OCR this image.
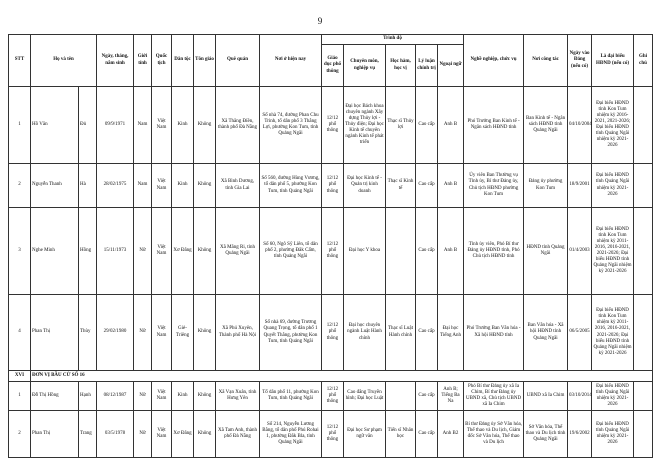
9
STT	Họ và tên		Ngày, tháng, năm sinh	Giới tính	Quốc tịch	Dân tộc	Tôn giáo	Quê quán	Nơi ở hiện nay	Trình độ					Nghề nghiệp, chức vụ	Nơi công tác	Ngày vào Đảng (nếu có)	Là đại biểu HĐND (nếu có)	Ghi chú
										Giáo dục phổ thông	Chuyên môn, nghiệp vụ	Học hàm, học vị	Lý luận chính trị	Ngoại ngữ					
1	Hồ Văn	Đủ	09/9/1971	Nam	Việt Nam	Kinh	Không	Xã Thăng Điền, thành phố Đà Nẵng	Số nhà 74, đường Phan Chu Trinh, tổ dân phố 3 Thắng Lợi, phường Kon Tum, tỉnh Quảng Ngãi	12/12 phổ thông	Đại học Bách khoa chuyên ngành Xây dựng Thủy lợi - Thủy điện; Đại học Kinh tế chuyên ngành Kinh tế phát triển	Thạc sĩ Thủy lợi	Cao cấp	Anh B	Phó Trưởng Ban Kinh tế - Ngân sách HĐND tỉnh	Ban Kinh tế - Ngân sách HĐND tỉnh Quảng Ngãi	04/10/2004	Đại biểu HĐND tỉnh Kon Tum nhiệm kỳ 2016-2021, 2021-2026; Đại biểu HĐND tỉnh Quảng Ngãi nhiệm kỳ 2021-2026	
2	Nguyễn Thanh	Hà	28/02/1975	Nam	Việt Nam	Kinh	Không	Xã Bình Dương, tỉnh Gia Lai	Số 560, đường Hùng Vương, tổ dân phố 5, phường Kon Tum, tỉnh Quảng Ngãi	12/12 phổ thông	Đại học Kinh tế - Quản trị kinh doanh	Thạc sĩ Kinh tế	Cao cấp	Anh B	Ủy viên Ban Thường vụ Tỉnh ủy, Bí thư Đảng ủy, Chủ tịch HĐND phường Kon Tum	Đảng ủy phường Kon Tum	18/9/2001	Đại biểu HĐND tỉnh Quảng Ngãi nhiệm kỳ 2021-2026	
3	Nghe Minh	Hồng	15/11/1973	Nữ	Việt Nam	Xơ Đăng	Không	Xã Măng Ri, tỉnh Quảng Ngãi	Số 60, Ngô Sỹ Liên, tổ dân phố 2, phường Đăk Cấm, tỉnh Quảng Ngãi	12/12 phổ thông	Đại học Y khoa		Cao cấp	Anh B	Tỉnh ủy viên, Phó Bí thư Đảng ủy HĐND tỉnh, Phó Chủ tịch HĐND tỉnh	HĐND tỉnh Quảng Ngãi	01/4/2003	Đại biểu HĐND tỉnh Kon Tum nhiệm kỳ 2011-2016, 2016-2021, 2021-2026; Đại biểu HĐND tỉnh Quảng Ngãi nhiệm kỳ 2021-2026	
4	Phan Thị	Thùy	29/02/1980	Nữ	Việt Nam	Giẻ-Triêng	Không	Xã Phú Xuyên, Thành phố Hà Nội	Số nhà 69, đường Trương Quang Trọng, tổ dân phố 1 Quyết Thắng, phường Kon Tum, tỉnh Quảng Ngãi	12/12 phổ thông	Đại học chuyên ngành Luật Hành chính	Thạc sĩ Luật Hành chính	Cao cấp	Đại học Tiếng Anh	Phó Trưởng Ban Văn hóa - Xã hội HĐND tỉnh	Ban Văn hóa - Xã hội HĐND tỉnh Quảng Ngãi	06/5/2005	Đại biểu HĐND tỉnh Kon Tum nhiệm kỳ 2011-2016, 2016-2021, 2021-2026; Đại biểu HĐND tỉnh Quảng Ngãi nhiệm kỳ 2021-2026	
XVI	ĐƠN VỊ BẦU CỬ SỐ 16																		
1	Đỗ Thị Hồng	Hạnh	08/12/1987	Nữ	Việt Nam	Kinh	Không	Xã Vạn Xuân, tỉnh Hưng Yên	Tổ dân phố 11, phường Kon Tum, tỉnh Quảng Ngãi	12/12 phổ thông	Cao đẳng Truyền hình; Đại học Luật		Cao cấp	Anh B; Tiếng Ba Na	Phó Bí thư Đảng ủy xã Ia Chim, Bí thư Đảng ủy UBND xã, Chủ tịch UBND xã Ia Chim	UBND xã Ia Chim	03/10/2014	Đại biểu HĐND tỉnh Quảng Ngãi nhiệm kỳ 2021-2026	
2	Phan Thị	Trang	03/5/1978	Nữ	Việt Nam	Xơ Đăng	Không	Xã Tam Anh, thành phố Đà Nẵng	Số 214, Nguyễn Lương Bằng, tổ dân phố Phú Rohai 1, phường Đăk Bla, tỉnh Quảng Ngãi	12/12 phổ thông	Đại học Sư phạm ngữ văn	Tiến sĩ Nhân học	Cao cấp	Anh B2	Bí thư Đảng ủy Sở Văn hóa, Thể thao và Du lịch, Giám đốc Sở Văn hóa, Thể thao và Du lịch	Sở Văn hóa, Thể thao và Du lịch tỉnh Quảng Ngãi	19/6/2002	Đại biểu HĐND tỉnh Quảng Ngãi nhiệm kỳ 2021-2026	
